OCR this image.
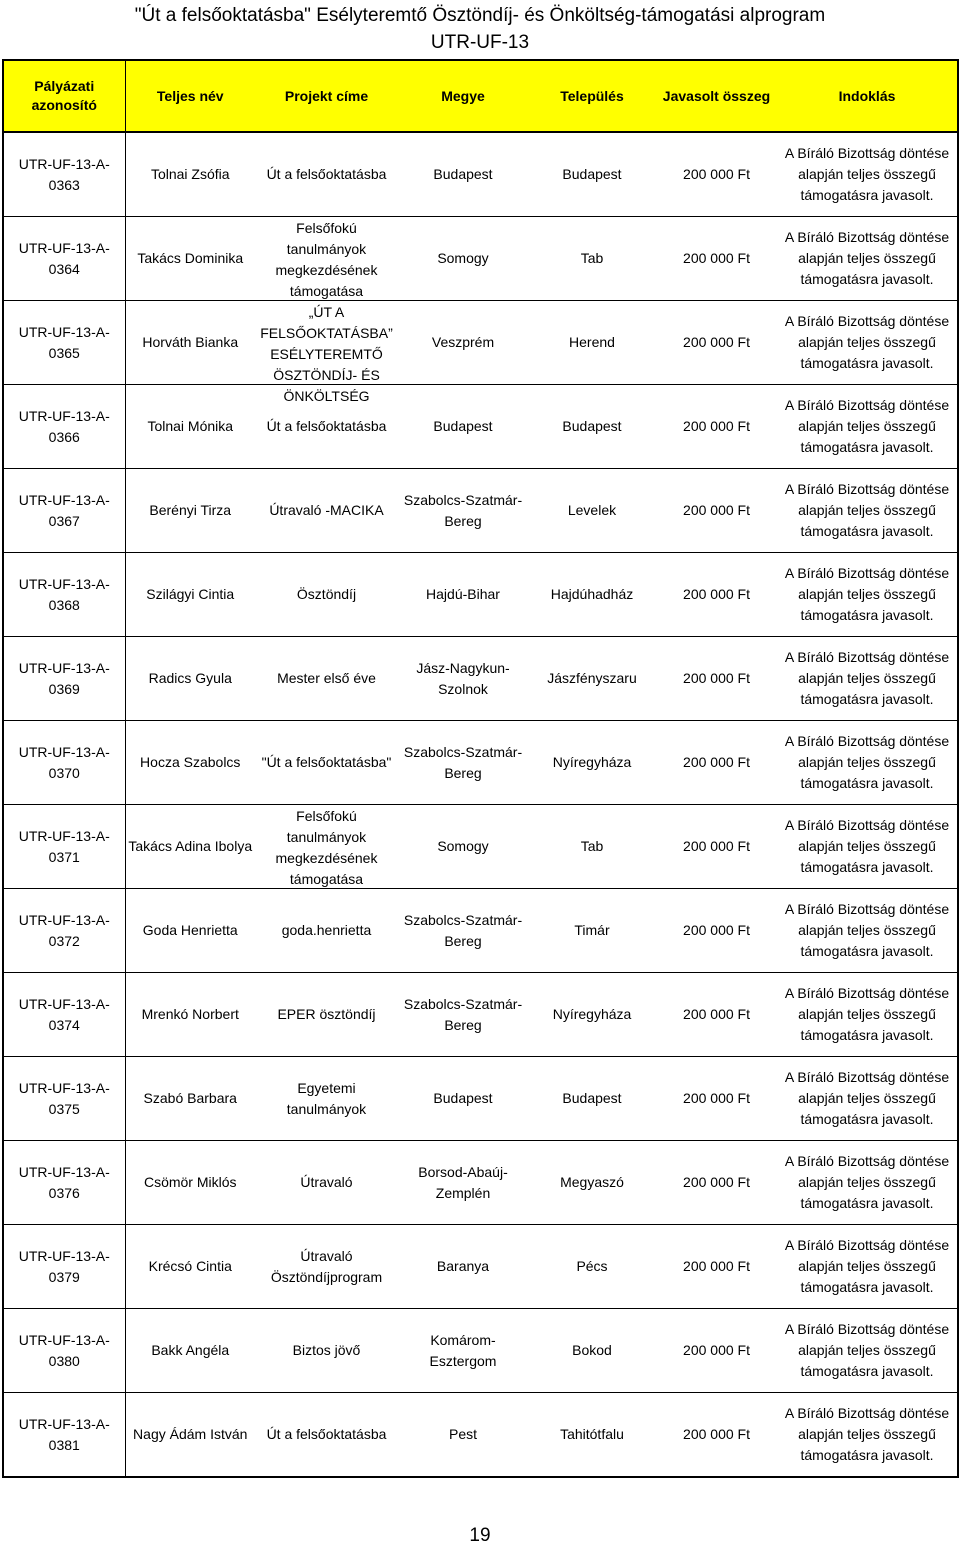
"Út a felsőoktatásba" Esélyteremtő Ösztöndíj- és Önköltség-támogatási alprogram
UTR-UF-13
Pályázati azonosító	Teljes név	Projekt címe	Megye	Település	Javasolt összeg	Indoklás

UTR-UF-13-A-0363	Tolnai Zsófia	Út a felsőoktatásba	Budapest	Budapest	200 000 Ft	A Bíráló Bizottság döntése alapján teljes összegű támogatásra javasolt.

UTR-UF-13-A-0364	Takács Dominika	Felsőfokú tanulmányok megkezdésének támogatása	Somogy	Tab	200 000 Ft	A Bíráló Bizottság döntése alapján teljes összegű támogatásra javasolt.

UTR-UF-13-A-0365	Horváth Bianka	„ÚT A FELSŐOKTATÁSBA” ESÉLYTEREMTŐ ÖSZTÖNDÍJ- ÉS ÖNKÖLTSÉG	Veszprém	Herend	200 000 Ft	A Bíráló Bizottság döntése alapján teljes összegű támogatásra javasolt.

UTR-UF-13-A-0366	Tolnai Mónika	Út a felsőoktatásba	Budapest	Budapest	200 000 Ft	A Bíráló Bizottság döntése alapján teljes összegű támogatásra javasolt.

UTR-UF-13-A-0367	Berényi Tirza	Útravaló -MACIKA	Szabolcs-Szatmár-Bereg	Levelek	200 000 Ft	A Bíráló Bizottság döntése alapján teljes összegű támogatásra javasolt.

UTR-UF-13-A-0368	Szilágyi Cintia	Ösztöndíj	Hajdú-Bihar	Hajdúhadház	200 000 Ft	A Bíráló Bizottság döntése alapján teljes összegű támogatásra javasolt.

UTR-UF-13-A-0369	Radics Gyula	Mester első éve	Jász-Nagykun-Szolnok	Jászfényszaru	200 000 Ft	A Bíráló Bizottság döntése alapján teljes összegű támogatásra javasolt.

UTR-UF-13-A-0370	Hocza Szabolcs	"Út a felsőoktatásba"	Szabolcs-Szatmár-Bereg	Nyíregyháza	200 000 Ft	A Bíráló Bizottság döntése alapján teljes összegű támogatásra javasolt.

UTR-UF-13-A-0371	Takács Adina Ibolya	Felsőfokú tanulmányok megkezdésének támogatása	Somogy	Tab	200 000 Ft	A Bíráló Bizottság döntése alapján teljes összegű támogatásra javasolt.

UTR-UF-13-A-0372	Goda Henrietta	goda.henrietta	Szabolcs-Szatmár-Bereg	Timár	200 000 Ft	A Bíráló Bizottság döntése alapján teljes összegű támogatásra javasolt.

UTR-UF-13-A-0374	Mrenkó Norbert	EPER ösztöndíj	Szabolcs-Szatmár-Bereg	Nyíregyháza	200 000 Ft	A Bíráló Bizottság döntése alapján teljes összegű támogatásra javasolt.

UTR-UF-13-A-0375	Szabó Barbara	Egyetemi tanulmányok	Budapest	Budapest	200 000 Ft	A Bíráló Bizottság döntése alapján teljes összegű támogatásra javasolt.

UTR-UF-13-A-0376	Csömör Miklós	Útravaló	Borsod-Abaúj-Zemplén	Megyaszó	200 000 Ft	A Bíráló Bizottság döntése alapján teljes összegű támogatásra javasolt.

UTR-UF-13-A-0379	Krécsó Cintia	Útravaló Ösztöndíjprogram	Baranya	Pécs	200 000 Ft	A Bíráló Bizottság döntése alapján teljes összegű támogatásra javasolt.

UTR-UF-13-A-0380	Bakk Angéla	Biztos jövő	Komárom-Esztergom	Bokod	200 000 Ft	A Bíráló Bizottság döntése alapján teljes összegű támogatásra javasolt.

UTR-UF-13-A-0381	Nagy Ádám István	Út a felsőoktatásba	Pest	Tahitótfalu	200 000 Ft	A Bíráló Bizottság döntése alapján teljes összegű támogatásra javasolt.
19
